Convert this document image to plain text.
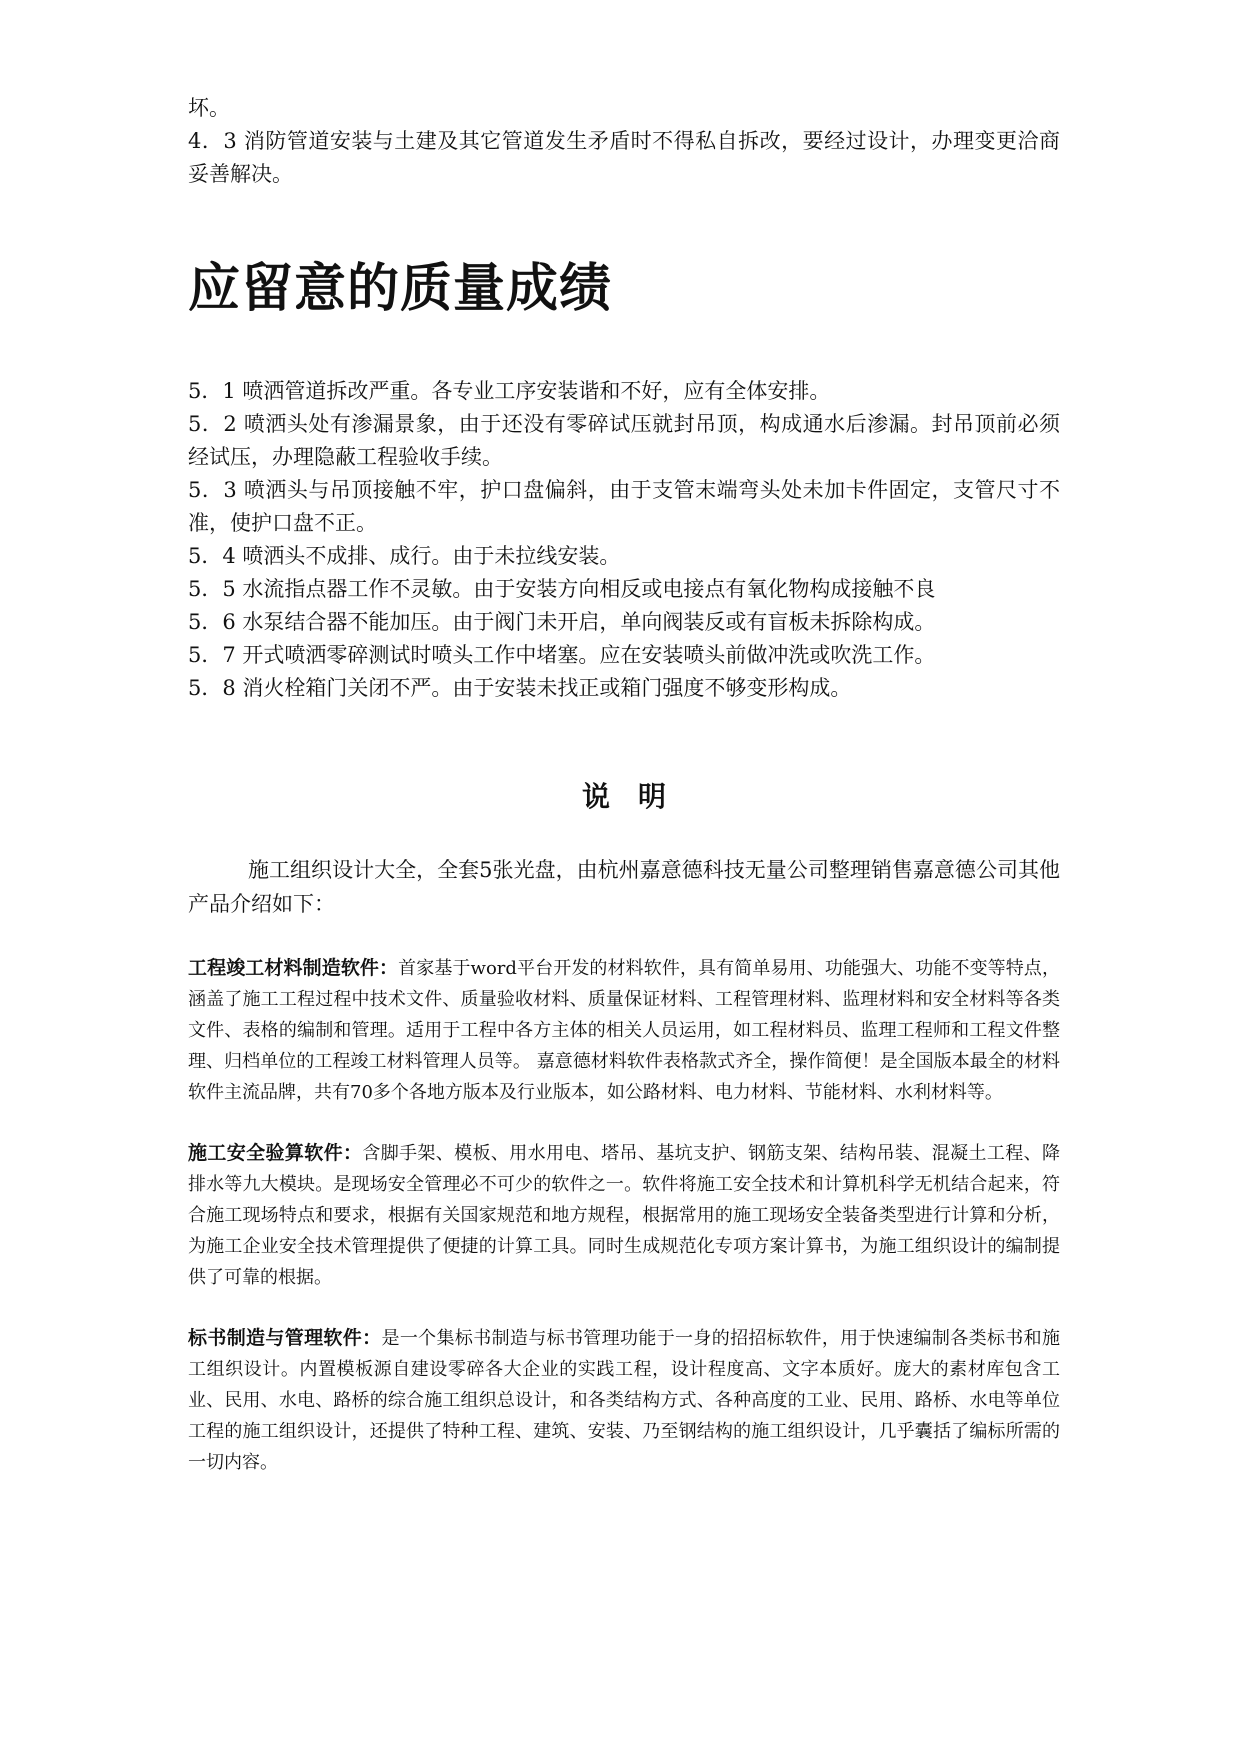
坏。

4．3 消防管道安装与土建及其它管道发生矛盾时不得私自拆改，要经过设计，办理变更洽商妥善解决。

应留意的质量成绩

5．1 喷洒管道拆改严重。各专业工序安装谐和不好，应有全体安排。

5．2 喷洒头处有渗漏景象，由于还没有零碎试压就封吊顶，构成通水后渗漏。封吊顶前必须经试压，办理隐蔽工程验收手续。

5．3 喷洒头与吊顶接触不牢，护口盘偏斜，由于支管末端弯头处未加卡件固定，支管尺寸不准，使护口盘不正。

5．4 喷洒头不成排、成行。由于未拉线安装。

5．5 水流指点器工作不灵敏。由于安装方向相反或电接点有氧化物构成接触不良

5．6 水泵结合器不能加压。由于阀门未开启，单向阀装反或有盲板未拆除构成。

5．7 开式喷洒零碎测试时喷头工作中堵塞。应在安装喷头前做冲洗或吹洗工作。

5．8 消火栓箱门关闭不严。由于安装未找正或箱门强度不够变形构成。

说明

施工组织设计大全，全套5张光盘，由杭州嘉意德科技无量公司整理销售嘉意德公司其他产品介绍如下：

工程竣工材料制造软件：首家基于word平台开发的材料软件，具有简单易用、功能强大、功能不变等特点，涵盖了施工工程过程中技术文件、质量验收材料、质量保证材料、工程管理材料、监理材料和安全材料等各类文件、表格的编制和管理。适用于工程中各方主体的相关人员运用，如工程材料员、监理工程师和工程文件整理、归档单位的工程竣工材料管理人员等。 嘉意德材料软件表格款式齐全，操作简便！是全国版本最全的材料软件主流品牌，共有70多个各地方版本及行业版本，如公路材料、电力材料、节能材料、水利材料等。

施工安全验算软件：含脚手架、模板、用水用电、塔吊、基坑支护、钢筋支架、结构吊装、混凝土工程、降排水等九大模块。是现场安全管理必不可少的软件之一。软件将施工安全技术和计算机科学无机结合起来，符合施工现场特点和要求，根据有关国家规范和地方规程，根据常用的施工现场安全装备类型进行计算和分析，为施工企业安全技术管理提供了便捷的计算工具。同时生成规范化专项方案计算书，为施工组织设计的编制提供了可靠的根据。

标书制造与管理软件：是一个集标书制造与标书管理功能于一身的招招标软件，用于快速编制各类标书和施工组织设计。内置模板源自建设零碎各大企业的实践工程，设计程度高、文字本质好。庞大的素材库包含工业、民用、水电、路桥的综合施工组织总设计，和各类结构方式、各种高度的工业、民用、路桥、水电等单位工程的施工组织设计，还提供了特种工程、建筑、安装、乃至钢结构的施工组织设计，几乎囊括了编标所需的一切内容。
